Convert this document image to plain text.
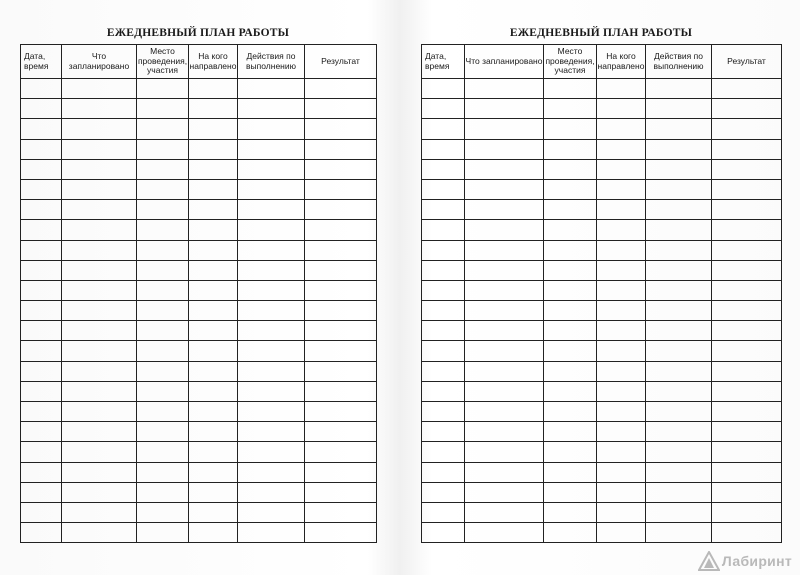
ЕЖЕДНЕВНЫЙ ПЛАН РАБОТЫ
Дата, время	Что запланировано	Место проведения, участия	На кого направлено	Действия по выполнению	Результат

ЕЖЕДНЕВНЫЙ ПЛАН РАБОТЫ
Дата, время	Что запланировано	Место проведения, участия	На кого направлено	Действия по выполнению	Результат

Лабиринт
